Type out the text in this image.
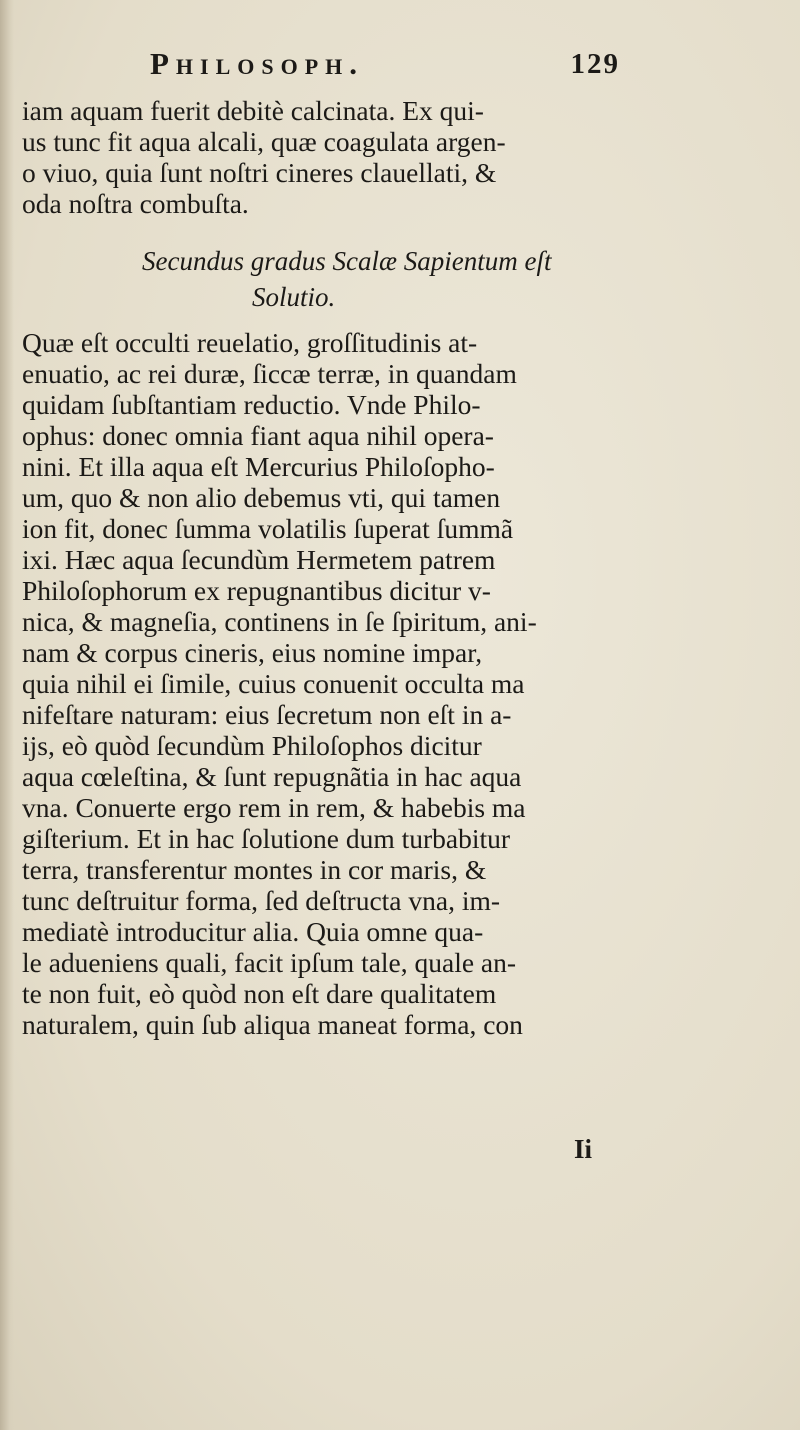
Philosoph.	129
iam aquam fuerit debitè calcinata. Ex qui-
us tunc fit aqua alcali, quæ coagulata argen-
o viuo, quia ſunt noſtri cineres clauellati, &
oda noſtra combuſta.
Secundus gradus Scalæ Sapientum eſt
Solutio.
Quæ eſt occulti reuelatio, groſſitudinis at-
enuatio, ac rei duræ, ſiccæ terræ, in quandam
quidam ſubſtantiam reductio. Vnde Philo-
ophus: donec omnia fiant aqua nihil opera-
nini. Et illa aqua eſt Mercurius Philoſopho-
um, quo & non alio debemus vti, qui tamen
ion fit, donec ſumma volatilis ſuperat ſummã
ixi. Hæc aqua ſecundùm Hermetem patrem
Philoſophorum ex repugnantibus dicitur v-
nica, & magneſia, continens in ſe ſpiritum, ani-
nam & corpus cineris, eius nomine impar,
quia nihil ei ſimile, cuius conuenit occulta ma
nifeſtare naturam: eius ſecretum non eſt in a-
ijs, eò quòd ſecundùm Philoſophos dicitur
aqua cœleſtina, & ſunt repugnãtia in hac aqua
vna. Conuerte ergo rem in rem, & habebis ma
giſterium. Et in hac ſolutione dum turbabitur
terra, transferentur montes in cor maris, &
tunc deſtruitur forma, ſed deſtructa vna, im-
mediatè introducitur alia. Quia omne qua-
le adueniens quali, facit ipſum tale, quale an-
te non fuit, eò quòd non eſt dare qualitatem
naturalem, quin ſub aliqua maneat forma, con
Ii
